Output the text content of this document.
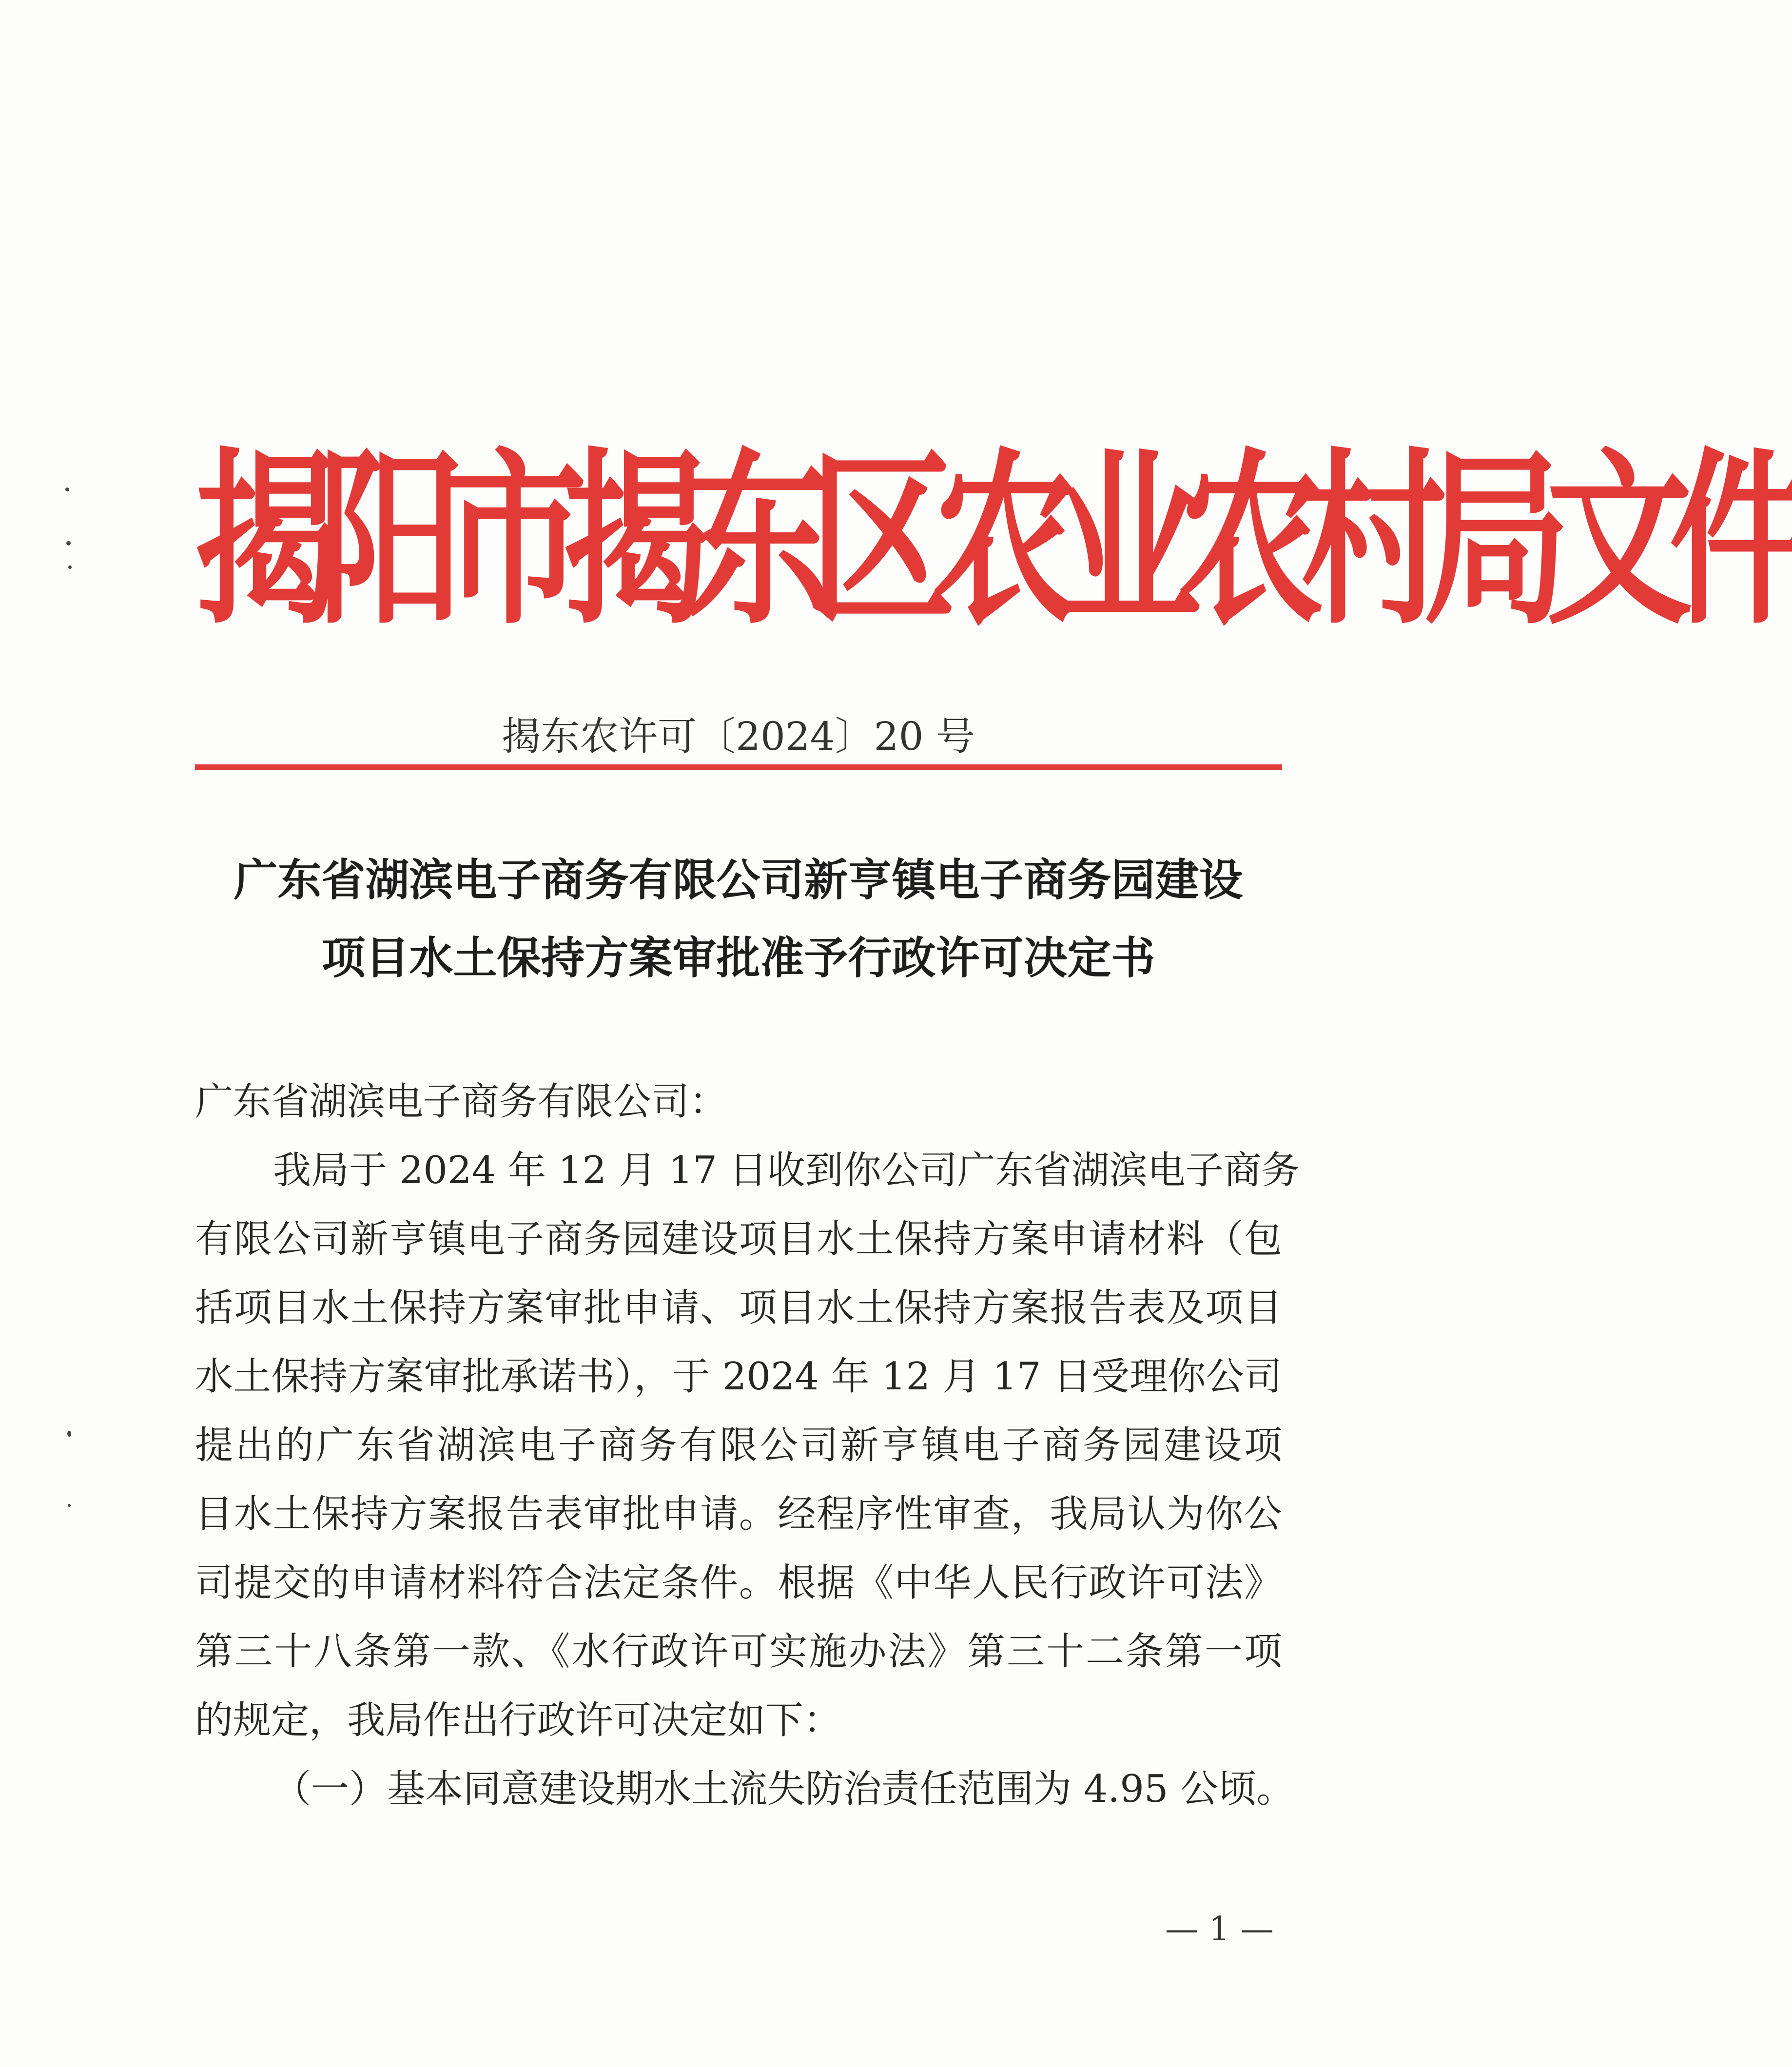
揭阳市揭东区农业农村局文件
揭东农许可〔2024〕20 号
广东省湖滨电子商务有限公司新亨镇电子商务园建设
项目水土保持方案审批准予行政许可决定书
广东省湖滨电子商务有限公司：
我局于 2024 年 12 月 17 日收到你公司广东省湖滨电子商务
有限公司新亨镇电子商务园建设项目水土保持方案申请材料（包
括项目水土保持方案审批申请、项目水土保持方案报告表及项目
水土保持方案审批承诺书），于 2024 年 12 月 17 日受理你公司
提出的广东省湖滨电子商务有限公司新亨镇电子商务园建设项
目水土保持方案报告表审批申请。经程序性审查，我局认为你公
司提交的申请材料符合法定条件。根据《中华人民行政许可法》
第三十八条第一款、《水行政许可实施办法》第三十二条第一项
的规定，我局作出行政许可决定如下：
（一）基本同意建设期水土流失防治责任范围为 4.95 公顷。
— 1 —
